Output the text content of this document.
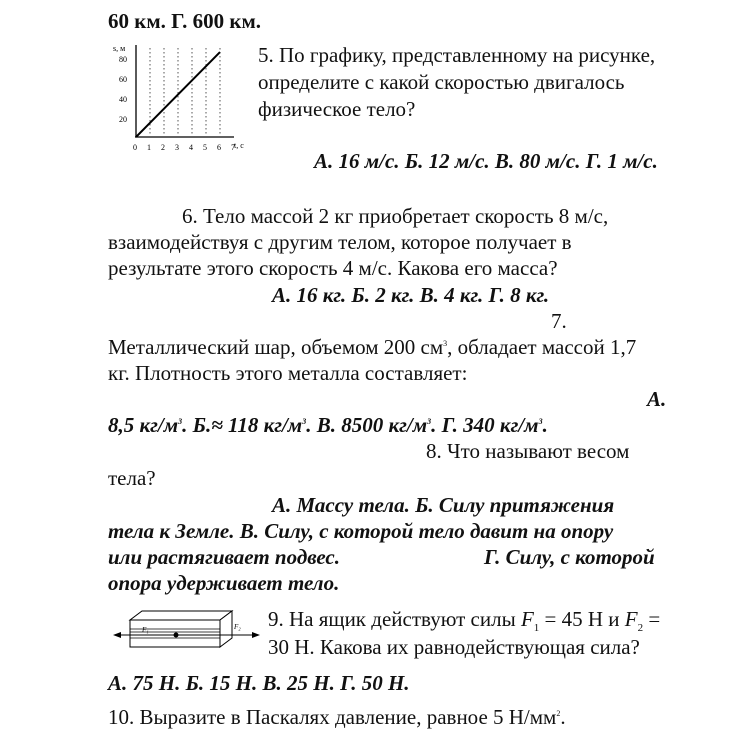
60 км. Г. 600 км.
s, м
t, с
80
60
40
20
0 1 2 3 4 5 6 7
5. По графику, представленному на рисунке,
определите с какой скоростью двигалось
физическое тело?
А. 16 м/с. Б. 12 м/с. В. 80 м/с. Г. 1 м/с.
6. Тело массой 2 кг приобретает скорость 8 м/с,
взаимодействуя с другим телом, которое получает в
результате этого скорость 4 м/с. Какова его масса?
А. 16 кг. Б. 2 кг. В. 4 кг. Г. 8 кг.
7.
Металлический шар, объемом 200 $см^3$, обладает массой 1,7
кг. Плотность этого металла составляет:
А.
8,5 $кг/м^3$. Б.≈ 118 $кг/м^3$. В. 8500 $кг/м^3$. Г. 340 $кг/м^3$.
8. Что называют весом
тела?
А. Массу тела. Б. Силу притяжения
тела к Земле. В. Силу, с которой тело давит на опору
или растягивает подвес.	Г. Силу, с которой
опора удерживает тело.
F₁	F₂ 9. На ящик действуют силы $F_1 = 45$ Н и $F_2$ =
30 Н. Какова их равнодействующая сила?
А. 75 Н. Б. 15 Н. В. 25 Н. Г. 50 Н.
10. Выразите в Паскалях давление, равное 5 $Н/мм^2$.
